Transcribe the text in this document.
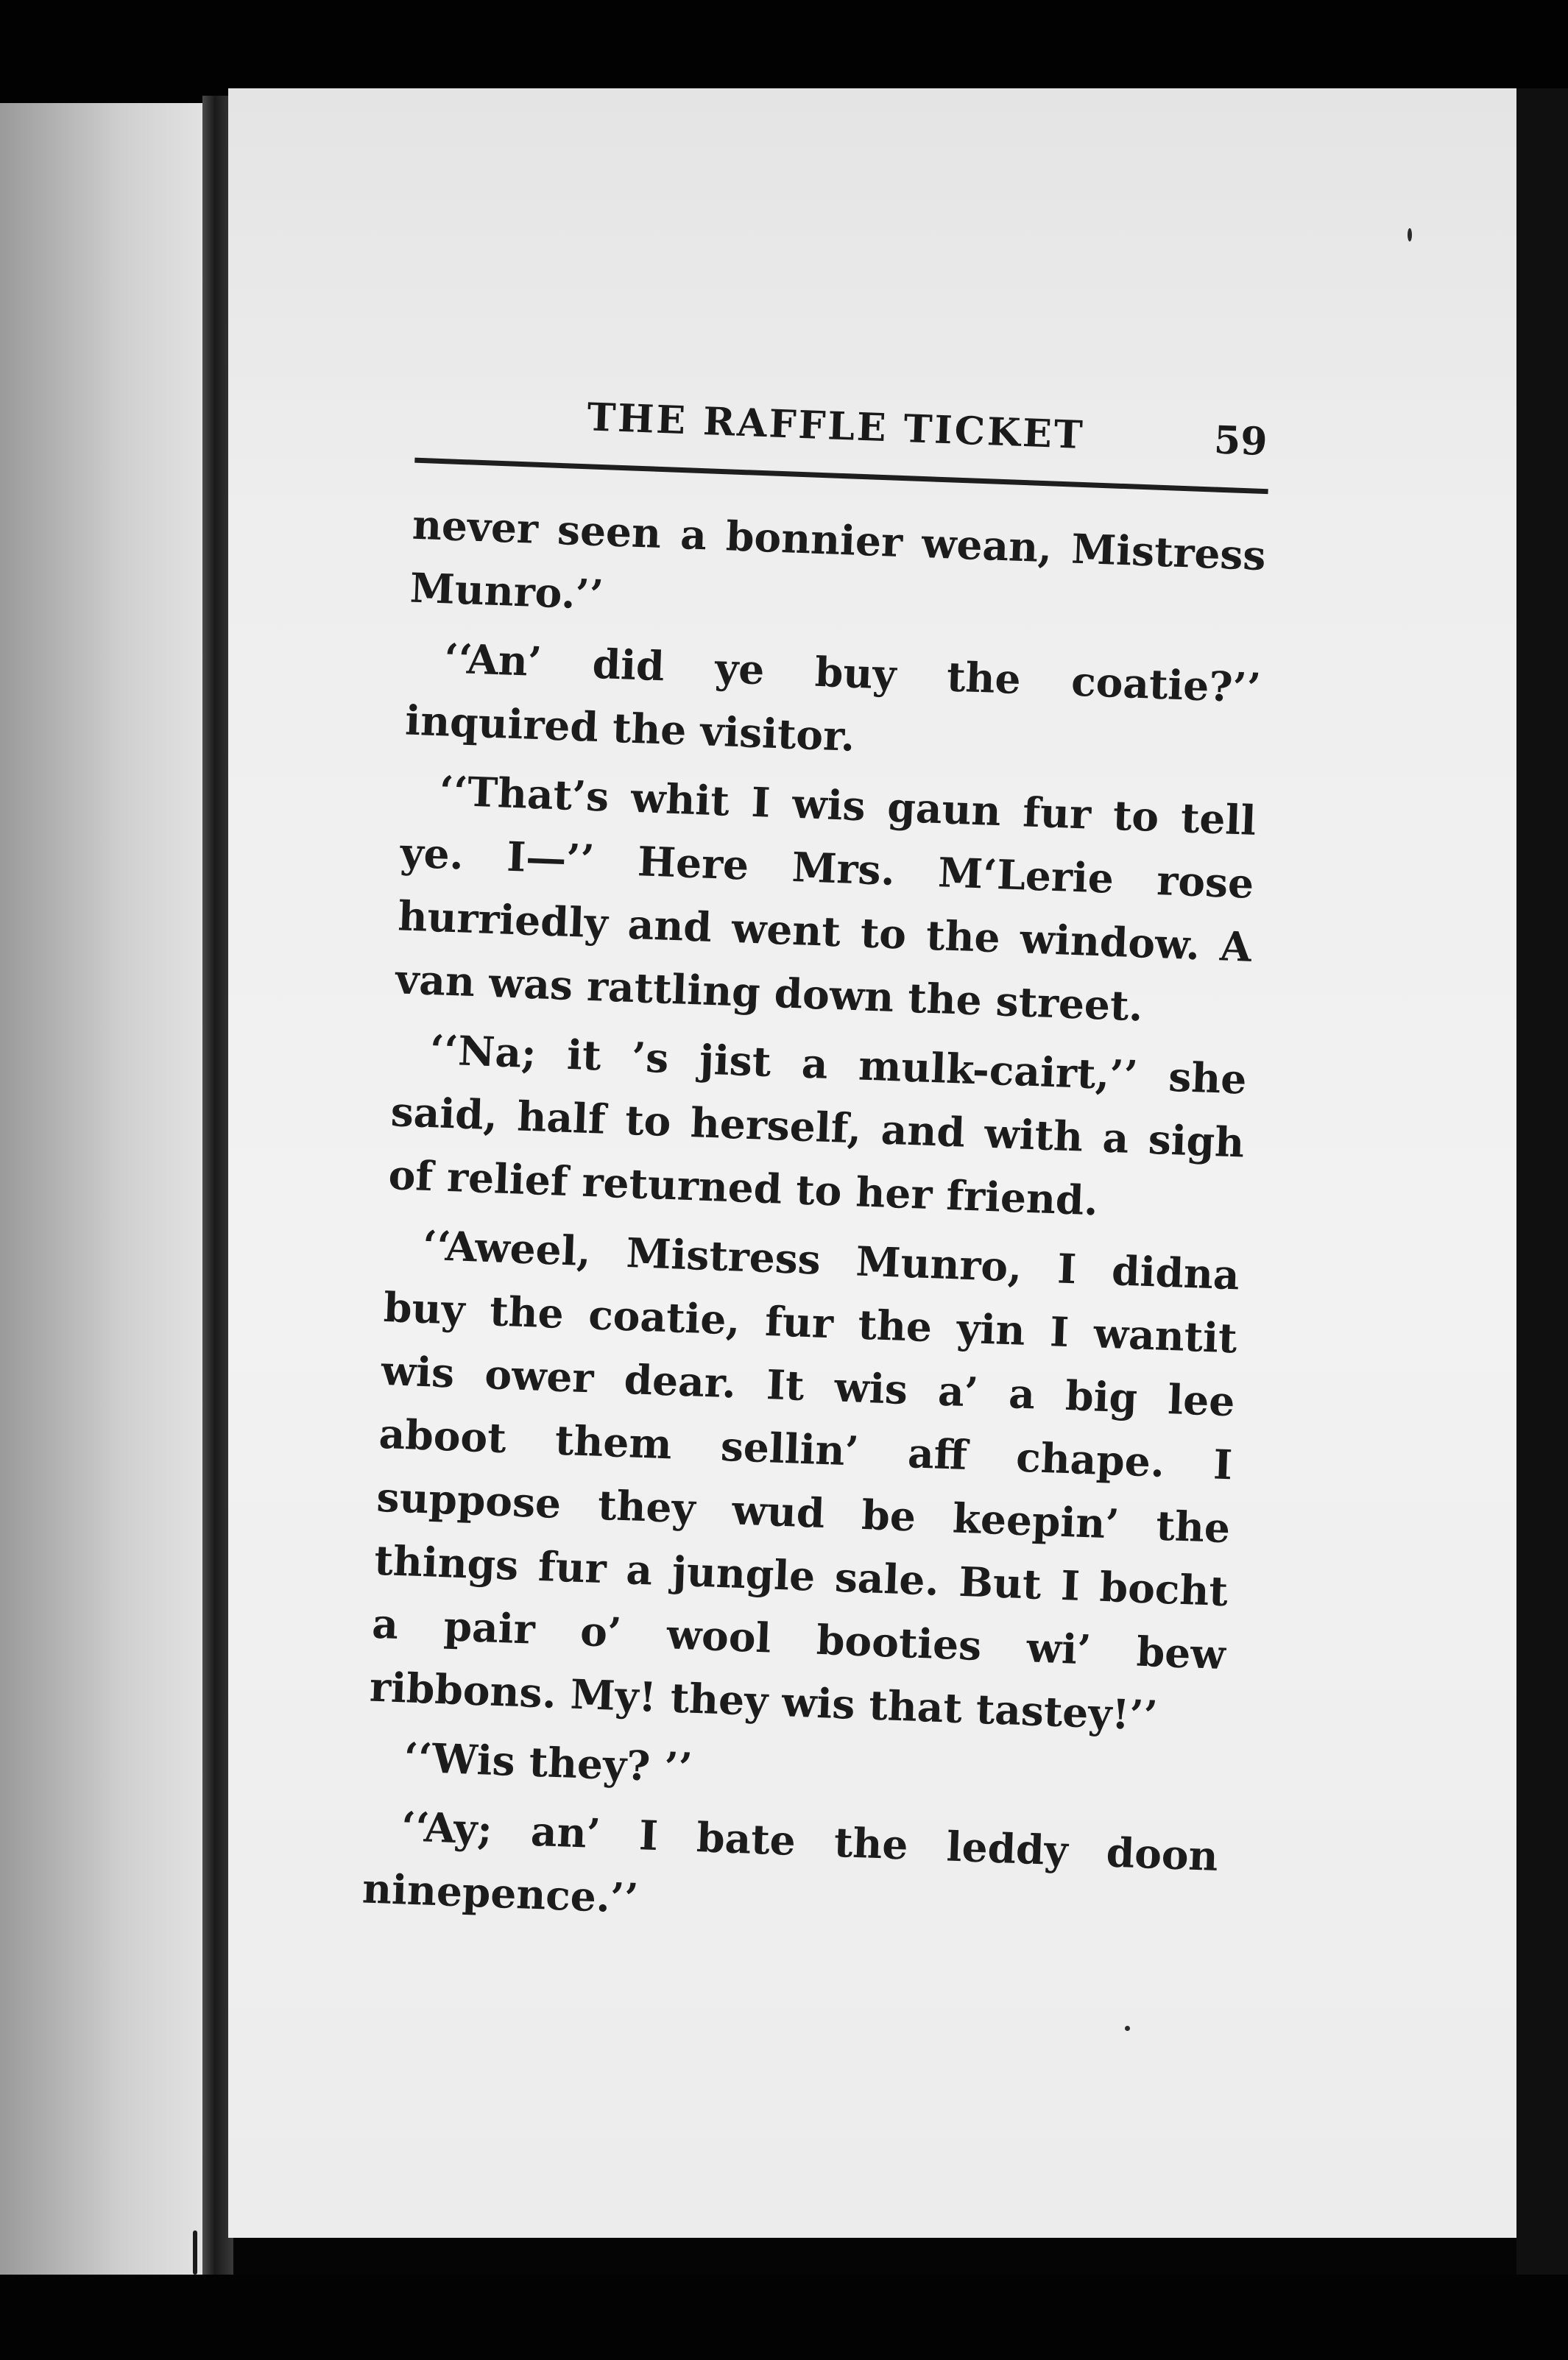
THE RAFFLE TICKET	59

never seen a bonnier wean, Mistress Munro.’’

‘‘An’ did ye buy the coatie?’’ inquired the visitor.

‘‘That’s whit I wis gaun fur to tell ye. I—’’ Here Mrs. M‘Lerie rose hurriedly and went to the window. A van was rattling down the street.

‘‘Na; it ’s jist a mulk-cairt,’’ she said, half to herself, and with a sigh of relief returned to her friend.

‘‘Aweel, Mistress Munro, I didna buy the coatie, fur the yin I wantit wis ower dear. It wis a’ a big lee aboot them sellin’ aff chape. I suppose they wud be keepin’ the things fur a jungle sale. But I bocht a pair o’ wool booties wi’ bew ribbons. My! they wis that tastey!’’

‘‘Wis they? ’’

‘‘Ay; an’ I bate the leddy doon ninepence.’’
